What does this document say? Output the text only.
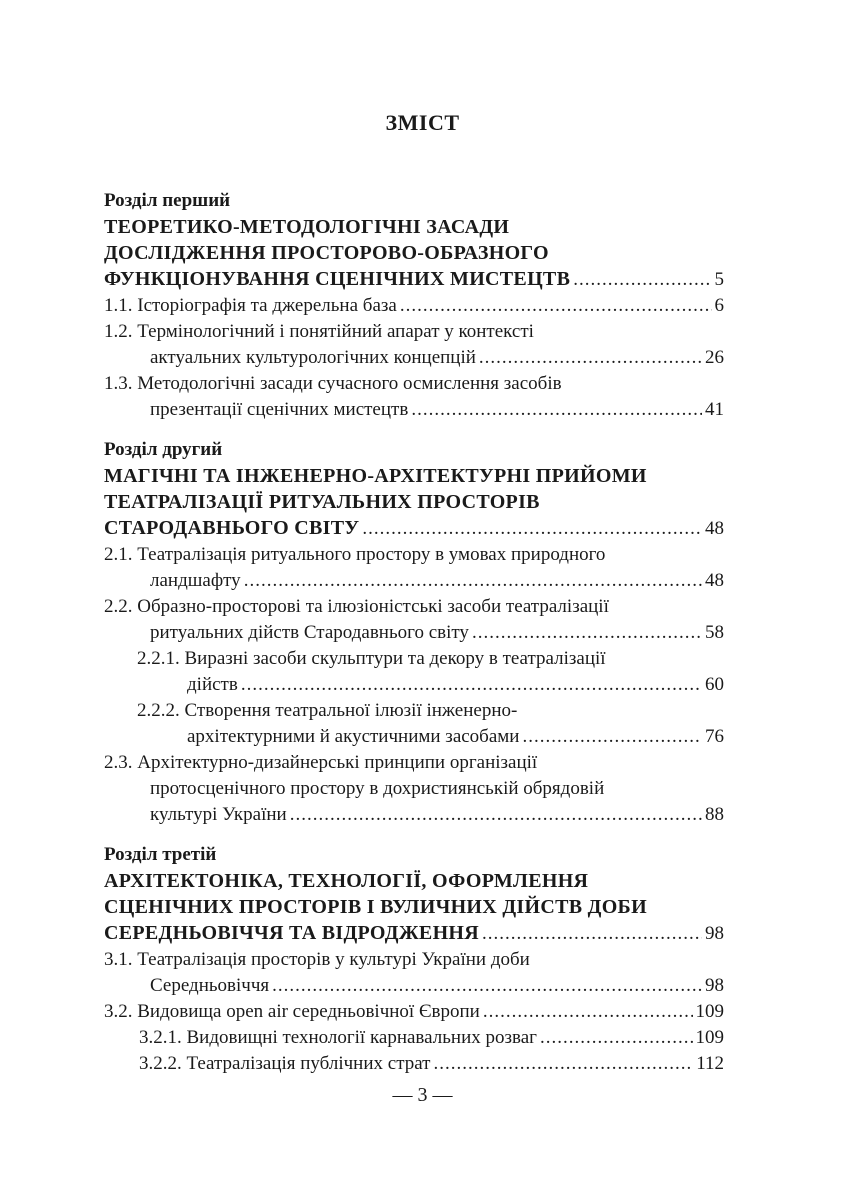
ЗМІСТ
Розділ перший
ТЕОРЕТИКО-МЕТОДОЛОГІЧНІ ЗАСАДИ
ДОСЛІДЖЕННЯ ПРОСТОРОВО-ОБРАЗНОГО
ФУНКЦІОНУВАННЯ СЦЕНІЧНИХ МИСТЕЦТВ .....	5
1.1. Історіографія та джерельна база .....	6
1.2. Термінологічний і понятійний апарат у контексті
актуальних культурологічних концепцій .....	26
1.3. Методологічні засади сучасного осмислення засобів
презентації сценічних мистецтв .....	41
Розділ другий
МАГІЧНІ ТА ІНЖЕНЕРНО-АРХІТЕКТУРНІ ПРИЙОМИ
ТЕАТРАЛІЗАЦІЇ РИТУАЛЬНИХ ПРОСТОРІВ
СТАРОДАВНЬОГО СВІТУ .....	48
2.1. Театралізація ритуального простору в умовах природного
ландшафту .....	48
2.2. Образно-просторові та ілюзіоністські засоби театралізації
ритуальних дійств Стародавнього світу .....	58
2.2.1. Виразні засоби скульптури та декору в театралізації
дійств .....	60
2.2.2. Створення театральної ілюзії інженерно-
архітектурними й акустичними засобами .....	76
2.3. Архітектурно-дизайнерські принципи організації
протосценічного простору в дохристиянській обрядовій
культурі України .....	88
Розділ третій
АРХІТЕКТОНІКА, ТЕХНОЛОГІЇ, ОФОРМЛЕННЯ
СЦЕНІЧНИХ ПРОСТОРІВ І ВУЛИЧНИХ ДІЙСТВ ДОБИ
СЕРЕДНЬОВІЧЧЯ ТА ВІДРОДЖЕННЯ .....	98
3.1. Театралізація просторів у культурі України доби
Середньовіччя .....	98
3.2. Видовища open air середньовічної Європи .....	109
3.2.1. Видовищні технології карнавальних розваг .....	109
3.2.2. Театралізація публічних страт .....	112
— 3 —
